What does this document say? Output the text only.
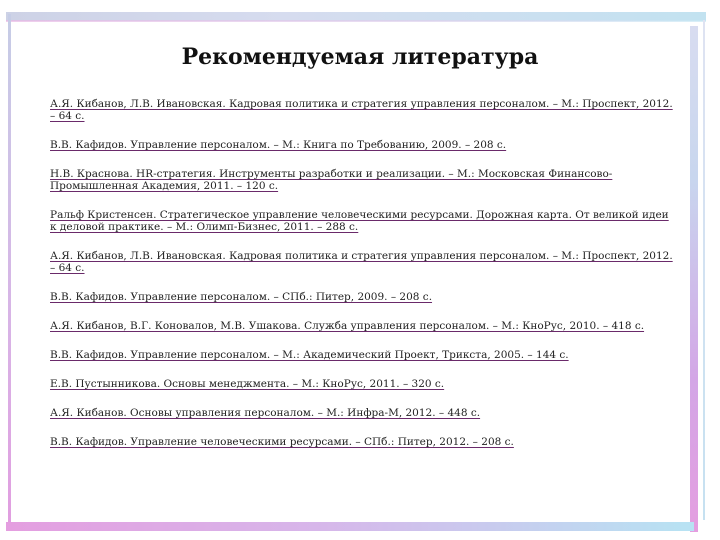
Рекомендуемая литература
А.Я. Кибанов, Л.В. Ивановская. Кадровая политика и стратегия управления персоналом. – М.: Проспект, 2012. – 64 с.
В.В. Кафидов. Управление персоналом. – М.: Книга по Требованию, 2009. – 208 с.
Н.В. Краснова. HR-стратегия. Инструменты разработки и реализации. – М.: Московская Финансово-Промышленная Академия, 2011. – 120 с.
Ральф Кристенсен. Стратегическое управление человеческими ресурсами. Дорожная карта. От великой идеи к деловой практике. – М.: Олимп-Бизнес, 2011. – 288 с.
А.Я. Кибанов, Л.В. Ивановская. Кадровая политика и стратегия управления персоналом. – М.: Проспект, 2012. – 64 с.
В.В. Кафидов. Управление персоналом. – СПб.: Питер, 2009. – 208 с.
А.Я. Кибанов, В.Г. Коновалов, М.В. Ушакова. Служба управления персоналом. – М.: КноРус, 2010. – 418 с.
В.В. Кафидов. Управление персоналом. – М.: Академический Проект, Трикста, 2005. – 144 с.
Е.В. Пустынникова. Основы менеджмента. – М.: КноРус, 2011. – 320 с.
А.Я. Кибанов. Основы управления персоналом. – М.: Инфра-М, 2012. – 448 с.
В.В. Кафидов. Управление человеческими ресурсами. – СПб.: Питер, 2012. – 208 с.
